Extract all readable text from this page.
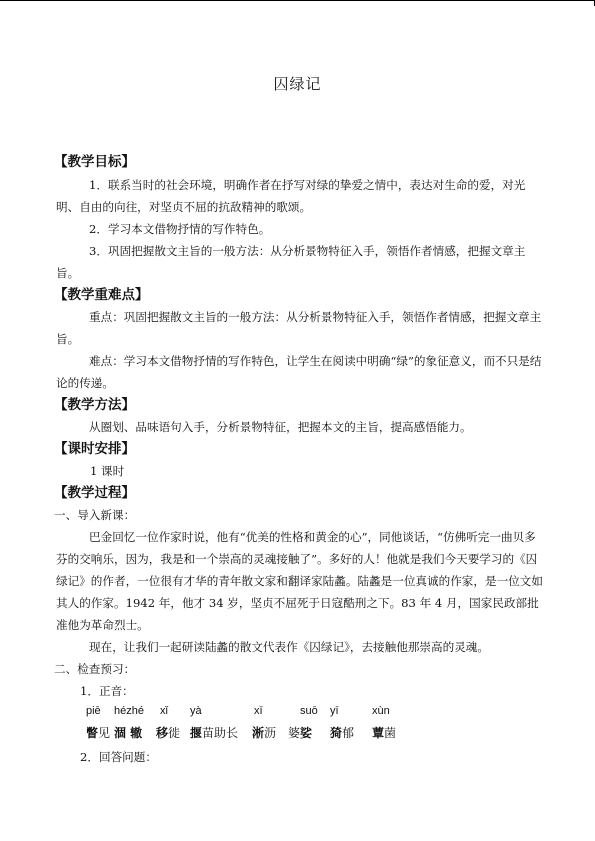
囚绿记
【教学目标】
1．联系当时的社会环境，明确作者在抒写对绿的挚爱之情中，表达对生命的爱，对光明、自由的向往，对坚贞不屈的抗敌精神的歌颂。
2．学习本文借物抒情的写作特色。
3．巩固把握散文主旨的一般方法：从分析景物特征入手，领悟作者情感，把握文章主旨。
【教学重难点】
重点：巩固把握散文主旨的一般方法：从分析景物特征入手，领悟作者情感，把握文章主旨。
难点：学习本文借物抒情的写作特色，让学生在阅读中明确“绿”的象征意义，而不只是结论的传递。
【教学方法】
从圈划、品味语句入手，分析景物特征，把握本文的主旨，提高感悟能力。
【课时安排】
1 课时
【教学过程】
一、导入新课：
巴金回忆一位作家时说，他有“优美的性格和黄金的心”，同他谈话，“仿佛听完一曲贝多芬的交响乐，因为，我是和一个崇高的灵魂接触了”。多好的人！他就是我们今天要学习的《囚绿记》的作者，一位很有才华的青年散文家和翻译家陆蠡。陆蠡是一位真诚的作家，是一位文如其人的作家。1942 年，他才 34 岁，坚贞不屈死于日寇酷刑之下。83 年 4 月，国家民政部批准他为革命烈士。
现在，让我们一起研读陆蠡的散文代表作《囚绿记》，去接触他那崇高的灵魂。
二、检查预习：
1．正音：
piē hézhé xǐ yà	xī	suō yī	xùn
瞥见 涸 辙 移徙 揠苗助长 淅沥 婆娑 猗郁 蕈菌
2．回答问题：
